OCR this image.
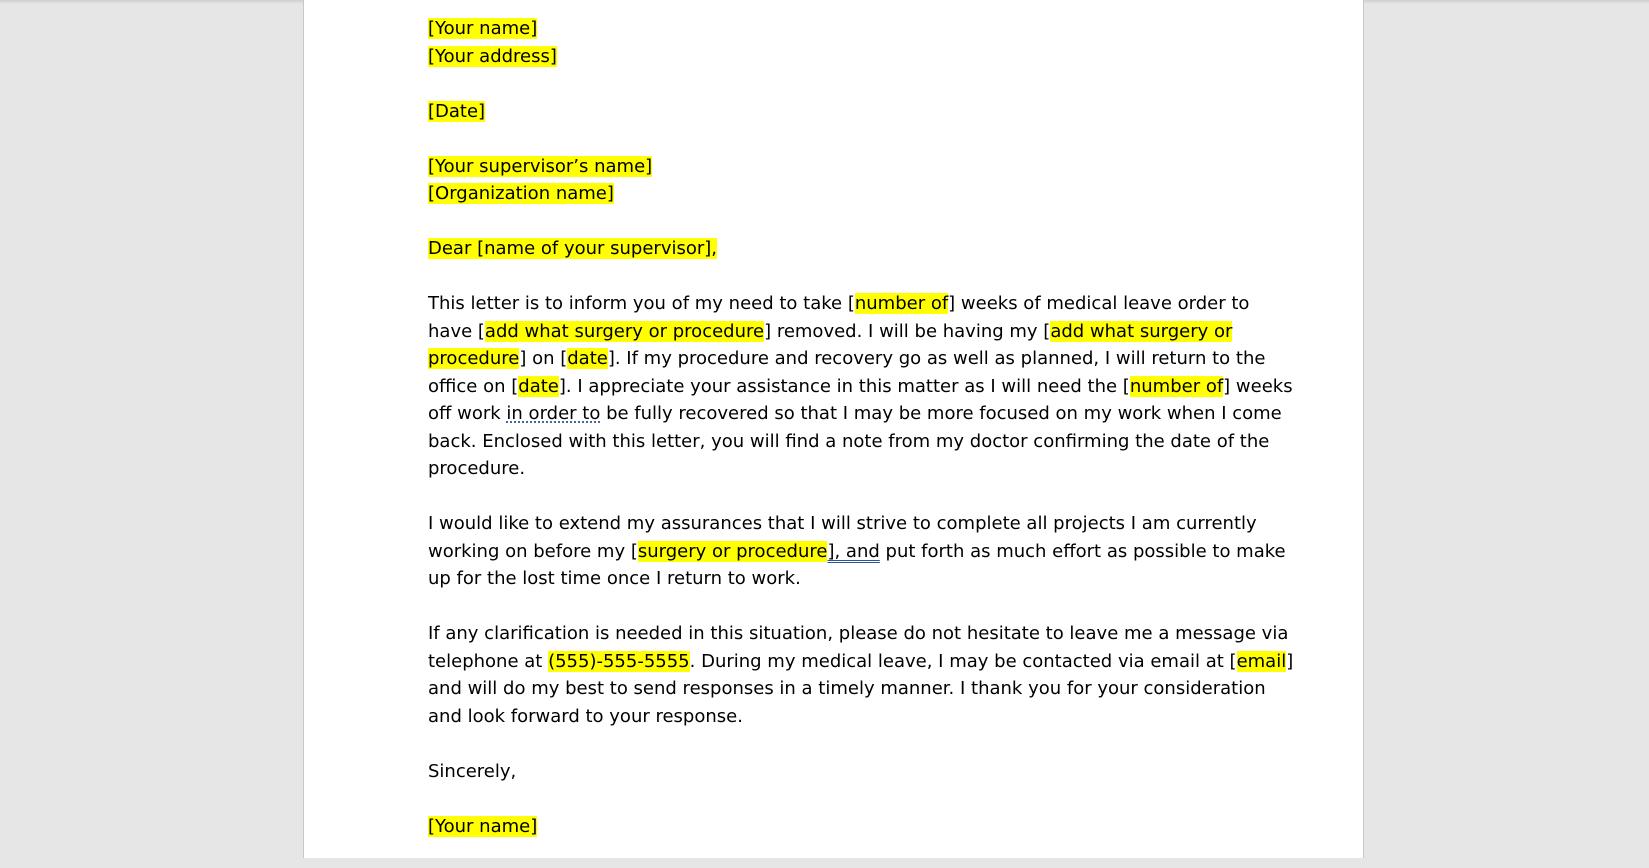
[Your name]
[Your address]
[Date]
[Your supervisor’s name]
[Organization name]
Dear [name of your supervisor],
This letter is to inform you of my need to take [number of] weeks of medical leave order to
have [add what surgery or procedure] removed. I will be having my [add what surgery or
procedure] on [date]. If my procedure and recovery go as well as planned, I will return to the
office on [date]. I appreciate your assistance in this matter as I will need the [number of] weeks
off work in order to be fully recovered so that I may be more focused on my work when I come
back. Enclosed with this letter, you will find a note from my doctor confirming the date of the
procedure.
I would like to extend my assurances that I will strive to complete all projects I am currently
working on before my [surgery or procedure], and put forth as much effort as possible to make
up for the lost time once I return to work.
If any clarification is needed in this situation, please do not hesitate to leave me a message via
telephone at (555)-555-5555. During my medical leave, I may be contacted via email at [email]
and will do my best to send responses in a timely manner. I thank you for your consideration
and look forward to your response.
Sincerely,
[Your name]
